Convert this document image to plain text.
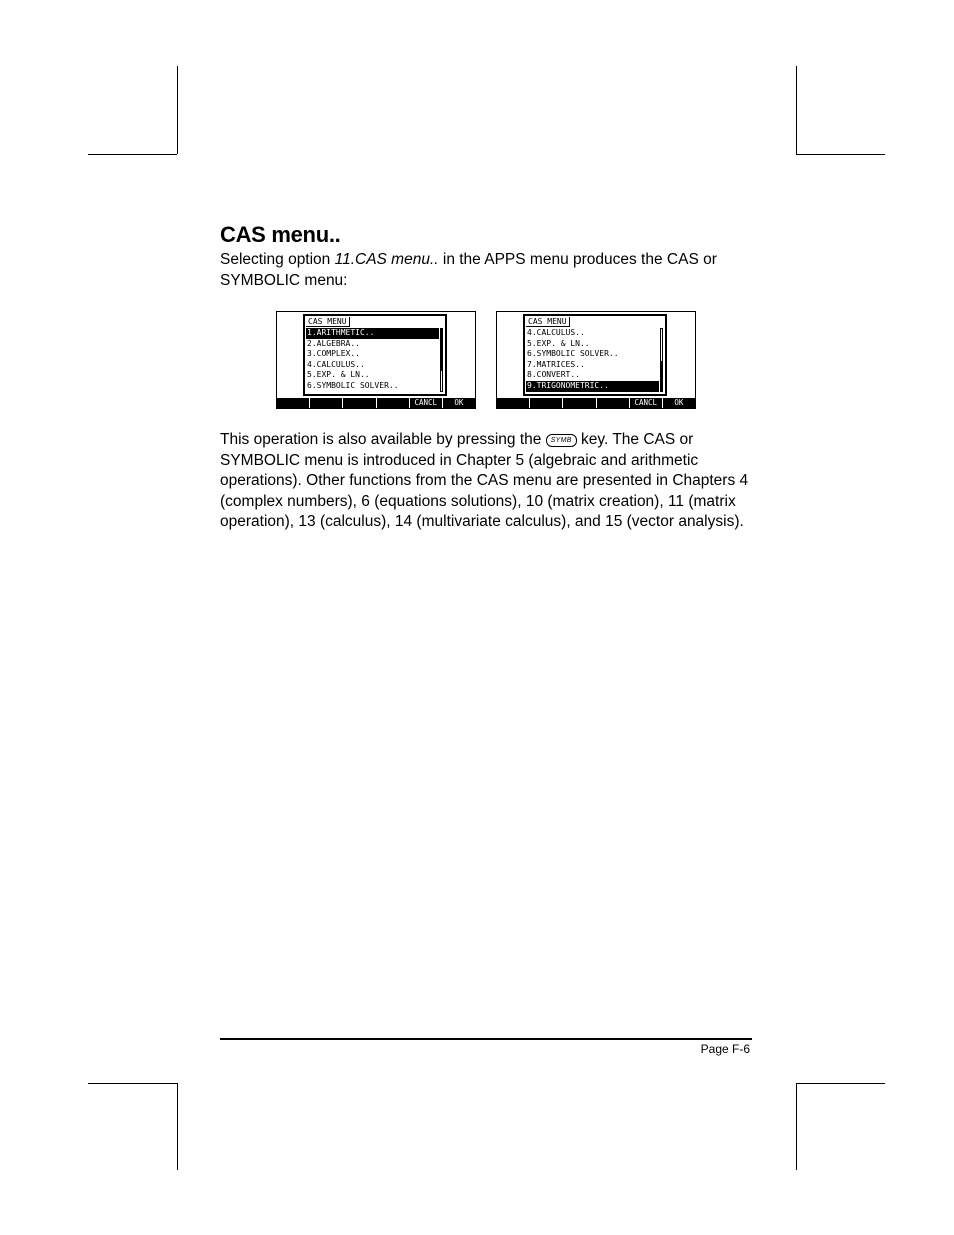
CAS menu..
Selecting option 11.CAS menu.. in the APPS menu produces the CAS or SYMBOLIC menu:
CAS MENU
1.ARITHMETIC..
2.ALGEBRA..
3.COMPLEX..
4.CALCULUS..
5.EXP. & LN..
6.SYMBOLIC SOLVER..
CANCL	OK
CAS MENU
4.CALCULUS..
5.EXP. & LN..
6.SYMBOLIC SOLVER..
7.MATRICES..
8.CONVERT..
9.TRIGONOMETRIC..
CANCL	OK
This operation is also available by pressing the SYMB key. The CAS or SYMBOLIC menu is introduced in Chapter 5 (algebraic and arithmetic operations). Other functions from the CAS menu are presented in Chapters 4 (complex numbers), 6 (equations solutions), 10 (matrix creation), 11 (matrix operation), 13 (calculus), 14 (multivariate calculus), and 15 (vector analysis).
Page F-6
